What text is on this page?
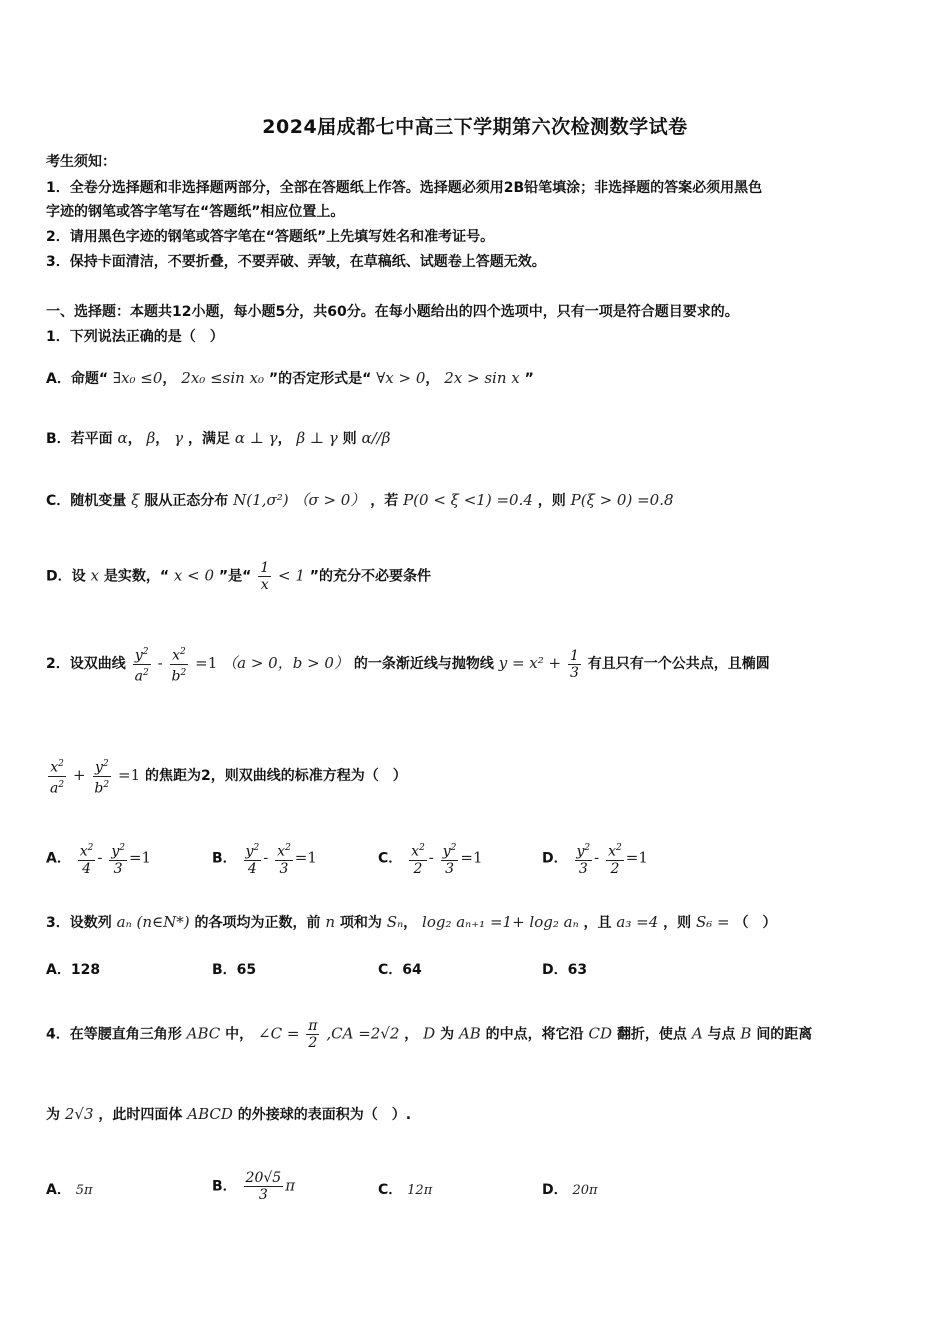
2024届成都七中高三下学期第六次检测数学试卷
考生须知：
1．全卷分选择题和非选择题两部分，全部在答题纸上作答。选择题必须用2B铅笔填涂；非选择题的答案必须用黑色
字迹的钢笔或答字笔写在“答题纸”相应位置上。
2．请用黑色字迹的钢笔或答字笔在“答题纸”上先填写姓名和准考证号。
3．保持卡面清洁，不要折叠，不要弄破、弄皱，在草稿纸、试题卷上答题无效。
一、选择题：本题共12小题，每小题5分，共60分。在每小题给出的四个选项中，只有一项是符合题目要求的。
1．下列说法正确的是（　）
A．命题“ ∃x₀ ≤0， 2x₀ ≤sin x₀ ”的否定形式是“ ∀x > 0， 2x > sin x ”
B．若平面 α， β， γ ，满足 α ⊥ γ， β ⊥ γ 则 α//β
C．随机变量 ξ 服从正态分布 N(1,σ²) （σ > 0） ，若 P(0 < ξ <1) =0.4 ，则 P(ξ > 0) =0.8
D．设 x 是实数，“ x < 0 ”是“ $\frac{1}{x} < 1$ ”的充分不必要条件
2．设双曲线 $\frac{y^2}{a^2} - \frac{x^2}{b^2} =1$ （a > 0，b > 0） 的一条渐近线与抛物线 $y = x^2 + \frac{1}{3}$ 有且只有一个公共点，且椭圆
$\frac{x^2}{a^2} + \frac{y^2}{b^2} =1$ 的焦距为2，则双曲线的标准方程为（　）
A． $\frac{x^2}{4} - \frac{y^2}{3} =1$	B． $\frac{y^2}{4} - \frac{x^2}{3} =1$	C． $\frac{x^2}{2} - \frac{y^2}{3} =1$	D． $\frac{y^2}{3} - \frac{x^2}{2} =1$
3．设数列 aₙ (n∈N*) 的各项均为正数，前 n 项和为 Sₙ， log₂ aₙ₊₁ =1+ log₂ aₙ ，且 a₃ =4 ，则 S₆ = （　）
A．128	B．65	C．64	D．63
4．在等腰直角三角形 ABC 中， ∠C = $\frac{\pi}{2} ,CA =2√2$ ， D 为 AB 的中点，将它沿 CD 翻折，使点 A 与点 B 间的距离
为 2√3 ，此时四面体 ABCD 的外接球的表面积为（　）.
A． 5π	B． $\frac{20√5}{3}$ π	C． 12π	D． 20π
